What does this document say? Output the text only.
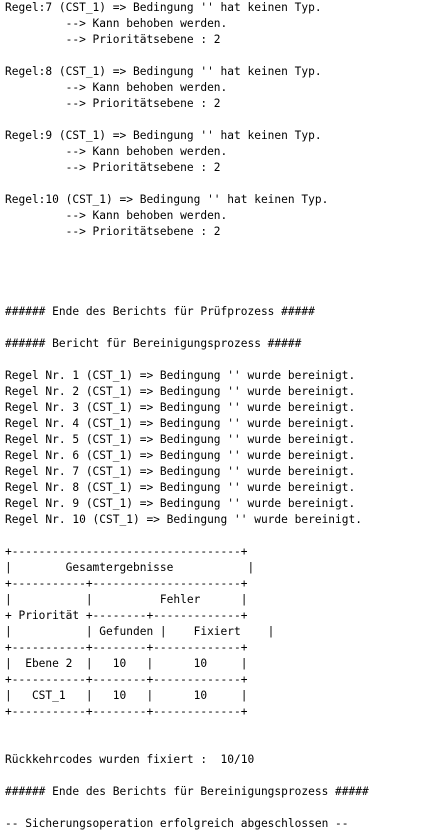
Regel:7 (CST_1) => Bedingung '' hat keinen Typ.
--> Kann behoben werden.
--> Prioritätsebene : 2
Regel:8 (CST_1) => Bedingung '' hat keinen Typ.
--> Kann behoben werden.
--> Prioritätsebene : 2
Regel:9 (CST_1) => Bedingung '' hat keinen Typ.
--> Kann behoben werden.
--> Prioritätsebene : 2
Regel:10 (CST_1) => Bedingung '' hat keinen Typ.
--> Kann behoben werden.
--> Prioritätsebene : 2
###### Ende des Berichts für Prüfprozess #####
###### Bericht für Bereinigungsprozess #####
Regel Nr. 1 (CST_1) => Bedingung '' wurde bereinigt.
Regel Nr. 2 (CST_1) => Bedingung '' wurde bereinigt.
Regel Nr. 3 (CST_1) => Bedingung '' wurde bereinigt.
Regel Nr. 4 (CST_1) => Bedingung '' wurde bereinigt.
Regel Nr. 5 (CST_1) => Bedingung '' wurde bereinigt.
Regel Nr. 6 (CST_1) => Bedingung '' wurde bereinigt.
Regel Nr. 7 (CST_1) => Bedingung '' wurde bereinigt.
Regel Nr. 8 (CST_1) => Bedingung '' wurde bereinigt.
Regel Nr. 9 (CST_1) => Bedingung '' wurde bereinigt.
Regel Nr. 10 (CST_1) => Bedingung '' wurde bereinigt.
+----------------------------------+
|        Gesamtergebnisse           |
+-----------+----------------------+
|           |          Fehler      |
+ Priorität +--------+-------------+
|           | Gefunden |    Fixiert    |
+-----------+--------+-------------+
|  Ebene 2  |   10   |      10     |
+-----------+--------+-------------+
|   CST_1   |   10   |      10     |
+-----------+--------+-------------+
Rückkehrcodes wurden fixiert :  10/10
###### Ende des Berichts für Bereinigungsprozess #####
-- Sicherungsoperation erfolgreich abgeschlossen --
